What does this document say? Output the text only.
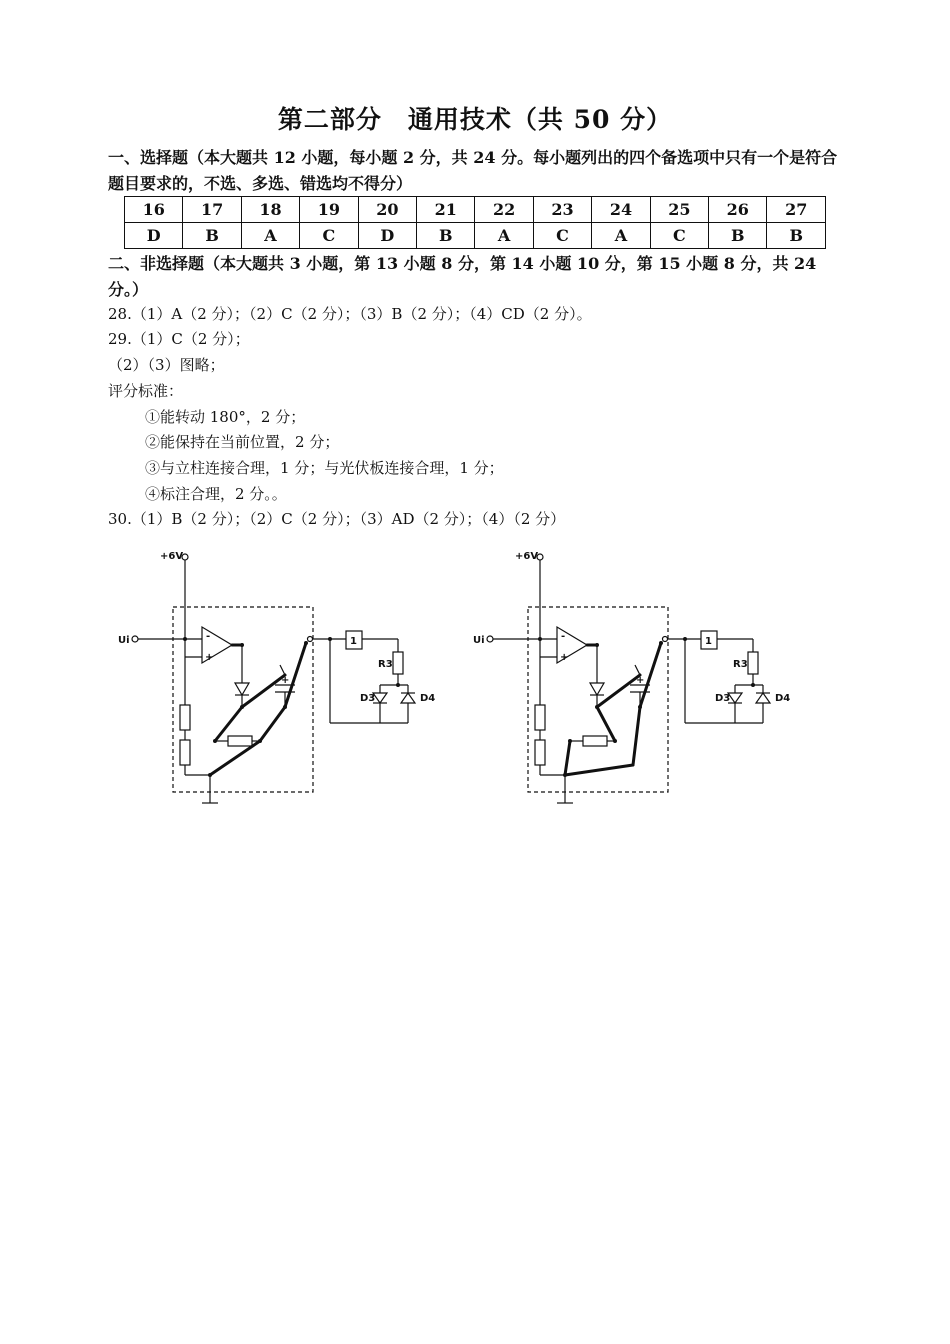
第二部分　通用技术（共 50 分）
一、选择题（本大题共 12 小题，每小题 2 分，共 24 分。每小题列出的四个备选项中只有一个是符合题目要求的，不选、多选、错选均不得分）
16	17	18	19	20	21	22	23	24	25	26	27
D	B	A	C	D	B	A	C	A	C	B	B
二、非选择题（本大题共 3 小题，第 13 小题 8 分，第 14 小题 10 分，第 15 小题 8 分，共 24 分。）
28.（1）A（2 分）；（2）C（2 分）；（3）B（2 分）；（4）CD（2 分）。
29.（1）C（2 分）；
（2）（3）图略；
评分标准：
①能转动 180°，2 分；
②能保持在当前位置，2 分；
③与立柱连接合理，1 分；与光伏板连接合理，1 分；
④标注合理，2 分。。
30.（1）B（2 分）；（2）C（2 分）；（3）AD（2 分）；（4）（2 分）
+6V
Ui	-
+
+
1
R3
D3	D4
+6V
Ui	-
+
+
1
R3
D3	D4
